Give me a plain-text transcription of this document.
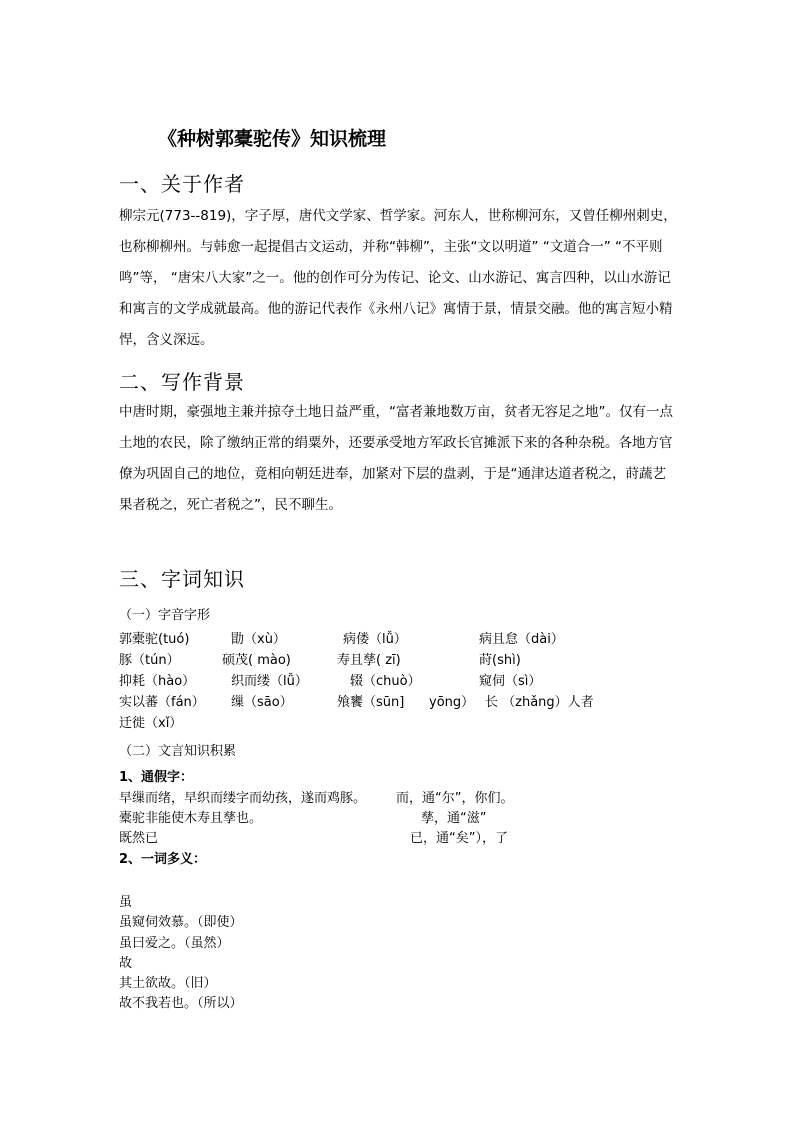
《种树郭橐驼传》知识梳理
一、关于作者
柳宗元(773--819)，字子厚，唐代文学家、哲学家。河东人，世称柳河东，又曾任柳州刺史，也称柳柳州。与韩愈一起提倡古文运动，并称“韩柳”，主张“文以明道” “文道合一” “不平则鸣”等， “唐宋八大家”之一。他的创作可分为传记、论文、山水游记、寓言四种，以山水游记和寓言的文学成就最高。他的游记代表作《永州八记》寓情于景，情景交融。他的寓言短小精悍，含义深远。
二、写作背景
中唐时期，豪强地主兼并掠夺土地日益严重，“富者兼地数万亩，贫者无容足之地”。仅有一点土地的农民，除了缴纳正常的绢粟外，还要承受地方军政长官摊派下来的各种杂税。各地方官僚为巩固自己的地位，竟相向朝廷进奉，加紧对下层的盘剥，于是“通津达道者税之，莳蔬艺果者税之，死亡者税之”，民不聊生。
三、字词知识
（一）字音字形
郭橐驼(tuó)	勖（xù）	病偻（lǚ）	病且怠（dài）
豚（tún）	硕茂( mào)	寿且孳( zī)	莳(shì)
抑耗（hào）	织而缕（lǚ）	辍（chuò）	窥伺（sì）
实以蕃（fán） 缫（sāo）	飧饔（sūn] yōng） 长 （zhǎng）人者
迁徙（xǐ）
（二）文言知识积累
1、通假字：
早缫而绪，早织而缕字而幼孩，遂而鸡豚。 而，通“尔”，你们。
橐驼非能使木寿且孳也。	孳，通“滋”
既然已	已，通“矣”），了
2、一词多义：
虽
虽窥伺效慕。（即使）
虽曰爱之。（虽然）
故
其土欲故。（旧）
故不我若也。（所以）
